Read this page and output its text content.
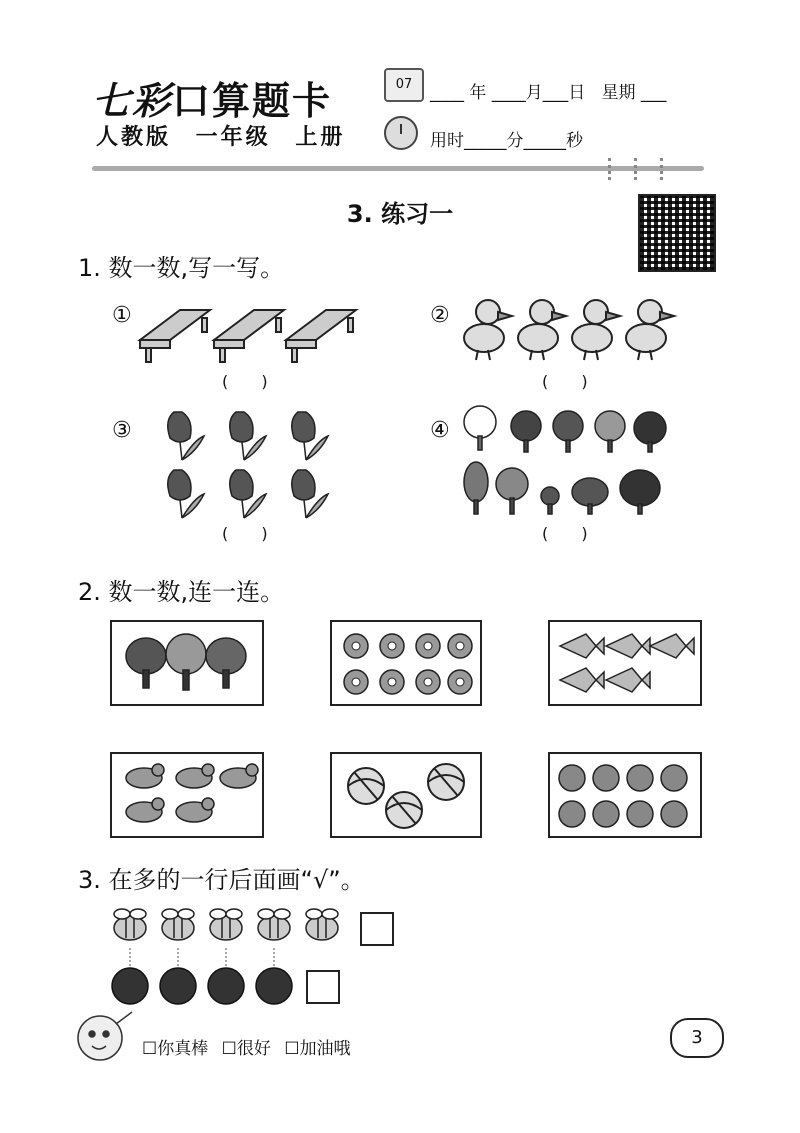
七彩口算题卡
人教版 一年级 上册
07	____ 年 ____月___日   星期 ___
用时_____分_____秒
3. 练习一
1. 数一数,写一写。
①
( )
②
( )
③
( )
④
( )
2. 数一数,连一连。
3. 在多的一行后面画“√”。
☐你真棒 ☐很好 ☐加油哦
3
